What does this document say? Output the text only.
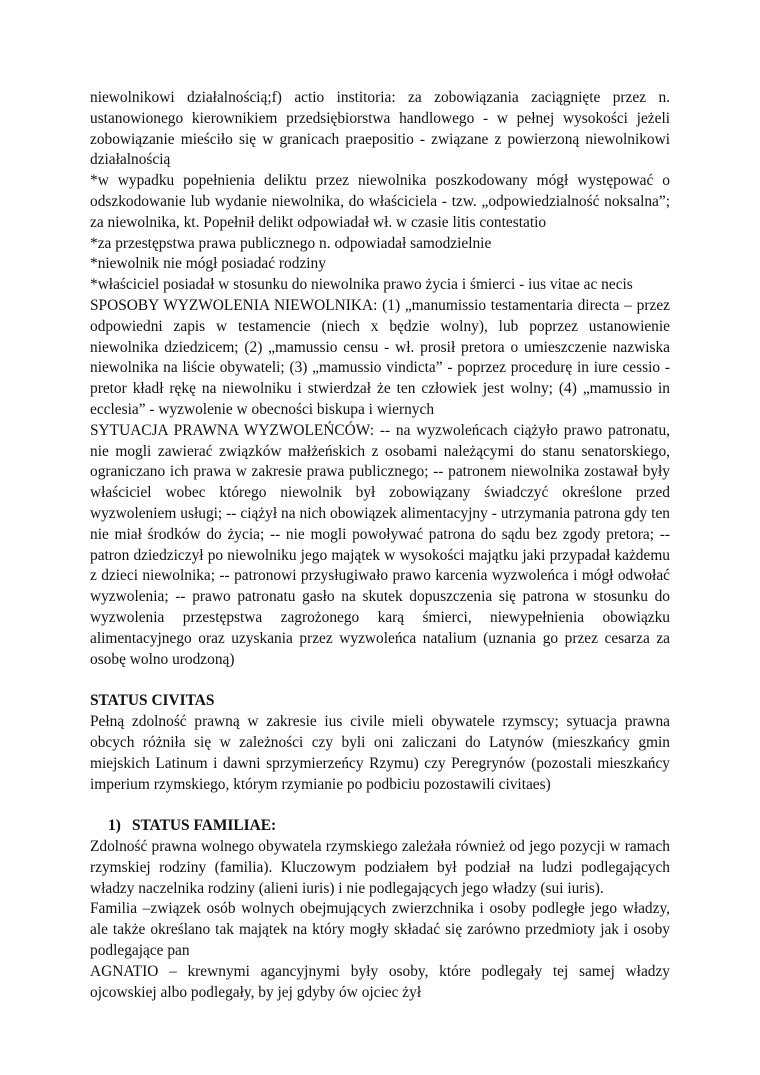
niewolnikowi działalnością;f) actio institoria: za zobowiązania zaciągnięte przez n. ustanowionego kierownikiem przedsiębiorstwa handlowego - w pełnej wysokości jeżeli zobowiązanie mieściło się w granicach praepositio - związane z powierzoną niewolnikowi działalnością

*w wypadku popełnienia deliktu przez niewolnika poszkodowany mógł występować o odszkodowanie lub wydanie niewolnika, do właściciela - tzw. „odpowiedzialność noksalna”; za niewolnika, kt. Popełnił delikt odpowiadał wł. w czasie litis contestatio

*za przestępstwa prawa publicznego n. odpowiadał samodzielnie

*niewolnik nie mógł posiadać rodziny

*właściciel posiadał w stosunku do niewolnika prawo życia i śmierci - ius vitae ac necis

SPOSOBY WYZWOLENIA NIEWOLNIKA: (1) „manumissio testamentaria directa – przez odpowiedni zapis w testamencie (niech x będzie wolny), lub poprzez ustanowienie niewolnika dziedzicem; (2) „mamussio censu - wł. prosił pretora o umieszczenie nazwiska niewolnika na liście obywateli; (3) „mamussio vindicta” - poprzez procedurę in iure cessio - pretor kładł rękę na niewolniku i stwierdzał że ten człowiek jest wolny; (4) „mamussio in ecclesia” - wyzwolenie w obecności biskupa i wiernych

SYTUACJA PRAWNA WYZWOLEŃCÓW: -- na wyzwoleńcach ciążyło prawo patronatu, nie mogli zawierać związków małżeńskich z osobami należącymi do stanu senatorskiego, ograniczano ich prawa w zakresie prawa publicznego; -- patronem niewolnika zostawał były właściciel wobec którego niewolnik był zobowiązany świadczyć określone przed wyzwoleniem usługi; -- ciążył na nich obowiązek alimentacyjny - utrzymania patrona gdy ten nie miał środków do życia; -- nie mogli powoływać patrona do sądu bez zgody pretora; -- patron dziedziczył po niewolniku jego majątek w wysokości majątku jaki przypadał każdemu z dzieci niewolnika; -- patronowi przysługiwało prawo karcenia wyzwoleńca i mógł odwołać wyzwolenia; -- prawo patronatu gasło na skutek dopuszczenia się patrona w stosunku do wyzwolenia przestępstwa zagrożonego karą śmierci, niewypełnienia obowiązku alimentacyjnego oraz uzyskania przez wyzwoleńca natalium (uznania go przez cesarza za osobę wolno urodzoną)

STATUS CIVITAS

Pełną zdolność prawną w zakresie ius civile mieli obywatele rzymscy; sytuacja prawna obcych różniła się w zależności czy byli oni zaliczani do Latynów (mieszkańcy gmin miejskich Latinum i dawni sprzymierzeńcy Rzymu) czy Peregrynów (pozostali mieszkańcy imperium rzymskiego, którym rzymianie po podbiciu pozostawili civitaes)

1) STATUS FAMILIAE:

Zdolność prawna wolnego obywatela rzymskiego zależała również od jego pozycji w ramach rzymskiej rodziny (familia). Kluczowym podziałem był podział na ludzi podlegających władzy naczelnika rodziny (alieni iuris) i nie podlegających jego władzy (sui iuris).

Familia –związek osób wolnych obejmujących zwierzchnika i osoby podległe jego władzy, ale także określano tak majątek na który mogły składać się zarówno przedmioty jak i osoby podlegające pan

AGNATIO – krewnymi agancyjnymi były osoby, które podlegały tej samej władzy ojcowskiej albo podlegały, by jej gdyby ów ojciec żył
